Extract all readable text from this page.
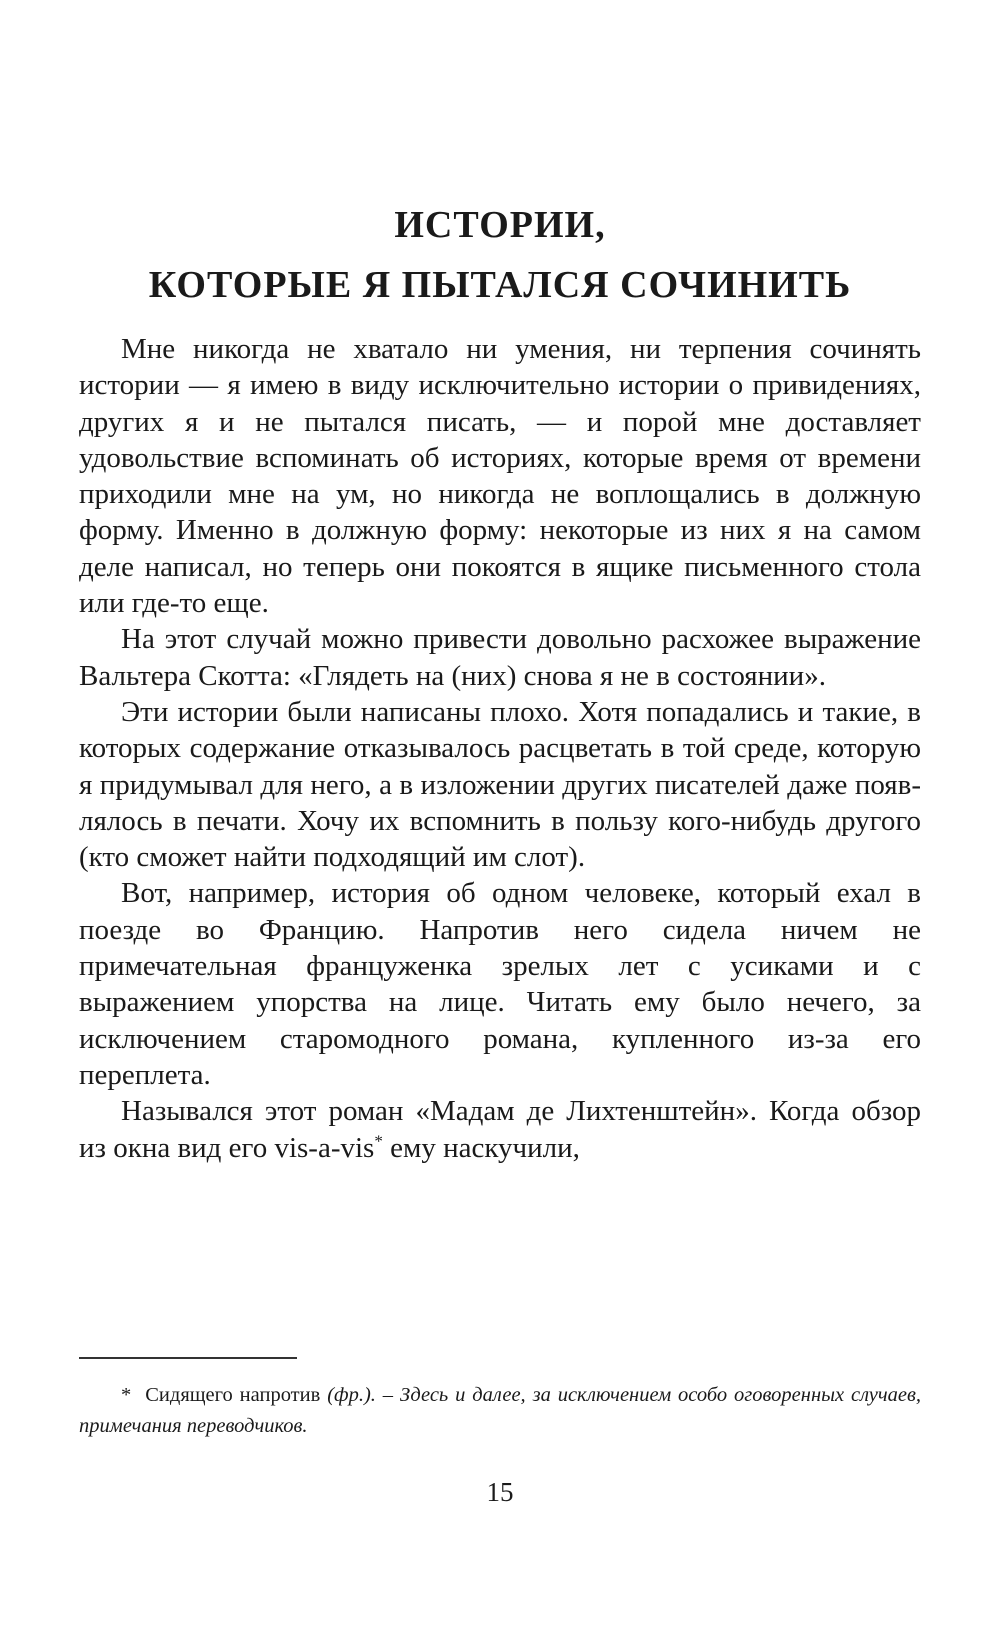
ИСТОРИИ,
КОТОРЫЕ Я ПЫТАЛСЯ СОЧИНИТЬ

Мне никогда не хватало ни умения, ни терпения сочинять истории — я имею в виду исключительно истории о привидениях, других я и не пытался писать, — и порой мне доставляет удовольствие вспоминать об историях, которые время от времени приходили мне на ум, но никогда не воплощались в должную форму. Именно в должную форму: некоторые из них я на самом деле написал, но теперь они покоятся в ящике письменного стола или где-то еще.

На этот случай можно привести довольно расхожее выражение Вальтера Скотта: «Глядеть на (них) снова я не в состоянии».

Эти истории были написаны плохо. Хотя попадались и такие, в которых содержание отказывалось расцветать в той среде, которую я придумывал для него, а в изложении других писателей даже появлялось в печати. Хочу их вспомнить в пользу кого-нибудь другого (кто сможет найти подходящий им слот).

Вот, например, история об одном человеке, который ехал в поезде во Францию. Напротив него сидела ничем не примечательная француженка зрелых лет с усиками и с выражением упорства на лице. Читать ему было нечего, за исключением старомодного романа, купленного из-за его переплета.

Назывался этот роман «Мадам де Лихтенштейн». Когда обзор из окна вид его vis-a-vis* ему наскучили,

* Сидящего напротив (фр.). – Здесь и далее, за исключением особо оговоренных случаев, примечания переводчиков.

15
